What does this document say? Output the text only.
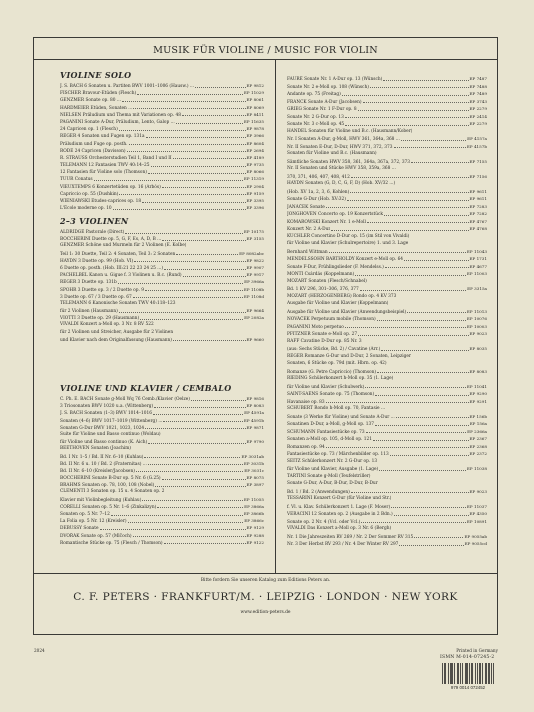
MUSIK FÜR VIOLINE / MUSIC FOR VIOLIN
VIOLINE SOLO
J. S. BACH 6 Sonaten u. Partiten BWV 1001–1006 (Hausw.) ...	EP 9812
FISCHER Bravour-Etüden (Flesch)	EP 11029
GENZMER Sonate op. 80 ...	EP 8061
HARDMEIER Etüden, Sonaten ...	EP 8069
NIELSEN Präludium und Thema mit Variationen op. 48	EP 8411
PAGANINI Sonate A-Dur, Präludium, Lento, Galop ...	EP 11635
24 Capricen op. 1 (Flesch)	EP 9878
REGER 4 Sonaten und Fugen op. 131a	EP 3966
Präludium und Fuge op. posth.	EP 8604
RODE 24 Capricen (Davisson)	EP 2694
R. STRAUSS Orchesterstudien Teil 1, Band I und II	EP 4189
TELEMANN 12 Fantasien TWV 40:14–25	EP 9735
12 Fantasien für Violine solo (Thomson)	EP 8066
TÜÜR Conatus	EP 11319
VIEUXTEMPS 6 Konzertetüden op. 16 (Arbós)	EP 2904
Capriccio op. 55 (Dushkin)	EP 9159
WIENIAWSKI Etudes-caprices op. 18	EP 3395
L'École moderne op. 10	EP 3396
2–3 VIOLINEN
ALDRIDGE Pastorale (Direct)	EP 10175
BOCCHERINI Duette op. 5, G, F, Es, A, D, B ...	EP 3155
GENZMER Schöne und Murmeln für 2 Violinen (E. Kolbe)
Teil 1: 30 Duette, Teil 2: 4 Sonaten, Teil 3: 2 Sonaten	EP 8082abc
HAYDN 3 Duette op. 99 (Hob. VI)	EP 9822
6 Duette op. posth. (Hob. III:21 22 23 24 25 ...)	EP 9907
PACHELBEL Kanon u. Gigue f. 3 Violinen u. B.c. (Rund)	EP 9917
REGER 3 Duette op. 131b	EP 3966a
SPOHR 3 Duette op. 3 / 2 Duette op. 9	EP 1108b
3 Duette op. 67 / 3 Duette op. 67	EP 1108d
TELEMANN 6 Kanonische Sonaten TWV 40:118–123
für 2 Violinen (Hausmann)	EP 9664
VIOTTI 3 Duette op. 29 (Hausmann)	EP 2082a
VIVALDI Konzert a-Moll op. 3 Nr. 8 RV 522
für 2 Violinen und Streicher, Ausgabe für 2 Violinen
und Klavier nach dem Originalfassung (Hausmann)	EP 9660
VIOLINE UND KLAVIER / CEMBALO
C. Ph. E. BACH Sonate g-Moll Wq 76 Cemb./Klavier (Oelze)	EP 9816
3 Triosonaten BWV 1020 u.a. (Wittenberg)	EP 8083
J. S. BACH Sonaten (1–3) BWV 1014–1016	EP 4591a
Sonaten (4–6) BWV 1017–1019 (Wittenberg) ...	EP 4591b
Sonaten G-Dur BWV 1021, 1023, 1024	EP 9871
Suite für Violine und Basso continuo (Woldau)
für Violine und Basso continuo (K. Aich)	EP 9790
BEETHOVEN Sonaten (Joachim)
Bd. I Nr. 1–5 / Bd. II Nr. 6–10 (Kuhlau)	EP 3031ab
Bd. II Nr. 6 u. 10 / Bd. 2 (Fraternitas) ...	EP 3031b
Bd. II Nr. 6–10 (Kreisler/Jacobsen)	EP 3031c
BOCCHERINI Sonate B-Dur op. 5 Nr. 6 (G.25)	EP 8075
BRAHMS Sonaten op. 78, 100, 108 (Nobel)	EP 3897
CLEMENTI 3 Sonaten op. 15 u. 4 Sonaten op. 2
Klavier mit Violinbegleitung (Kuhlau)	EP 11055
CORELLI Sonaten op. 5 Nr. 1–6 (Zinkalizyn)	EP 3866a
Sonaten op. 5 Nr. 7–12	EP 3866b
La Folia op. 5 Nr. 12 (Kreisler)	EP 3866c
DEBUSSY Sonate	EP 9129
DVOŘÁK Sonate op. 57 (Mlčoch)	EP 9288
Romantische Stücke op. 75 (Flesch / Thomson)	EP 9122
FAURÉ Sonate Nr. 1 A-Dur op. 13 (Wünsch)	EP 7487
Sonate Nr. 2 e-Moll op. 108 (Wünsch)	EP 7488
Andante op. 75 (Freitag)	EP 7489
FRANCK Sonate A-Dur (Jacobsen)	EP 3743
GRIEG Sonate Nr. 1 F-Dur op. 8	EP 2279
Sonate Nr. 2 G-Dur op. 13	EP 2414
Sonate Nr. 3 c-Moll op. 45	EP 2279
HÄNDEL Sonaten für Violine und B.c. (Hausmann/Kober)
Nr. I Sonaten A-Dur, g-Moll, HWV 361, 364a, 368 ...	EP 4157a
Nr. II Sonaten E-Dur, D-Dur, HWV 371, 372, 373	EP 4157b
Sonaten für Violine und B.c. (Hausmann)
Sämtliche Sonaten HWV 358, 361, 364a, 367a, 372, 373	EP 7155
Nr. II Sonaten und Stücke HWV 358, 359a, 368 ...
370, 371, 406, 407, 408, 412	EP 7156
HAYDN Sonaten (G, D, C, G, F, D) (Hob. XV/32 ...)
(Hob. XV 1a, 2, 3, 6, Kohlen)	EP 9611
Sonate G-Dur (Hob. XV:32)	EP 9611
JANÁČEK Sonate	EP 7283
JONGHOVEN Concerto op. 19 Konzertstück	EP 7282
KOMAROWSKI Konzert Nr. 1 e-Moll	EP 4767
Konzert Nr. 2 A-Dur	EP 4768
KÜCHLER Concertino D-Dur op. 15 (im Stil von Vivaldi)
für Violine und Klavier (Schulrepertoire) 1. und 3. Lage
Bernhard Wittman	EP 11043
MENDELSSOHN BARTHOLDY Konzert e-Moll op. 64	EP 1731
Sonate F-Dur, Frühlingslieder (F. Mendelss.)	EP 4677
MONTI Csárdás (Koppelmann)	EP 11003
MOZART Sonaten (Flesch/Schnabel)
Bd. 1 KV 296, 301–306, 376, 377	EP 3315a
MOZART (HERZOGENBERG) Rondo op. 4 KV 373
Ausgabe für Violine und Klavier (Koppelmann)
Ausgabe für Violine und Klavier (Anwendungsbeispiel)	EP 11013
NOVÁČEK Perpetuum mobile (Thomson)	EP 10076
PAGANINI Moto perpetuo	EP 10003
PFITZNER Sonate e-Moll op. 27	EP 9023
RAFF Cavatine D-Dur op. 85 Nr. 3
(aus: Sechs Stücke, Bd. 2) / Cavatine (Arr.)	EP 8035
REGER Romanze G-Dur und D-Dur, 2 Sonaten, Leipziger
Sonaten, 6 Stücke op. 79d (mit. Hbrn. op. 42)
Romanze (G. Petre Capriccio) (Thomson)	EP 8083
RIEDING Schülerkonzert h-Moll op. 35 (1. Lage)
für Violine und Klavier (Schulwerk)	EP 11041
SAINT-SAËNS Sonate op. 75 (Thomson)	EP 9290
Havanaise op. 83	EP 9291
SCHUBERT Rondo h-Moll op. 70, Fantasie ...
Sonate (3 Werke für Violine) und Sonate A-Dur ...	EP 156b
Sonatinen D-Dur, a-Moll, g-Moll op. 137	EP 156a
SCHUMANN Fantasiestücke op. 73	EP 2366a
Sonaten a-Moll op. 105, d-Moll op. 121	EP 2367
Romanzen op. 94	EP 2368
Fantasiestücke op. 73 / Märchenbilder op. 113	EP 2372
SEITZ Schülerkonzert Nr. 2 G-Dur op. 13
für Violine und Klavier, Ausgabe (1. Lage)	EP 11038
TARTINI Sonate g-Moll (Teufelstriller)
Sonate G-Dur, A-Dur, B-Dur, D-Dur, B-Dur
Bd. 1 / Bd. 2 (Anwendungen)	EP 9023
TESSARINI Konzert G-Dur (für Violine und Str.)
f. Vl. u. Klav. Schülerkonzert 1. Lage (F. Moser)	EP 11037
VERACINI 12 Sonaten op. 2 (Ausgabe in 2 Bdn.)	EP 4350
Sonate op. 2 Nr. 4 (Vcl. oder Vcl.)	EP 10891
VIVALDI Das Konzert a-Moll op. 3 Nr. 6 (Bergh)
Nr. 1 Die Jahreszeiten RV 269 / Nr. 2 Der Sommer RV 315	EP 9055ab
Nr. 3 Der Herbst RV 293 / Nr. 4 Der Winter RV 297	EP 9055cd
Bitte fordern Sie unseren Katalog zum Editions Peters an.
C. F. PETERS · FRANKFURT/M. · LEIPZIG · LONDON · NEW YORK
www.edition-peters.de
2024	Printed in Germany
ISMN M-014-07245-2
979 0014 072452
